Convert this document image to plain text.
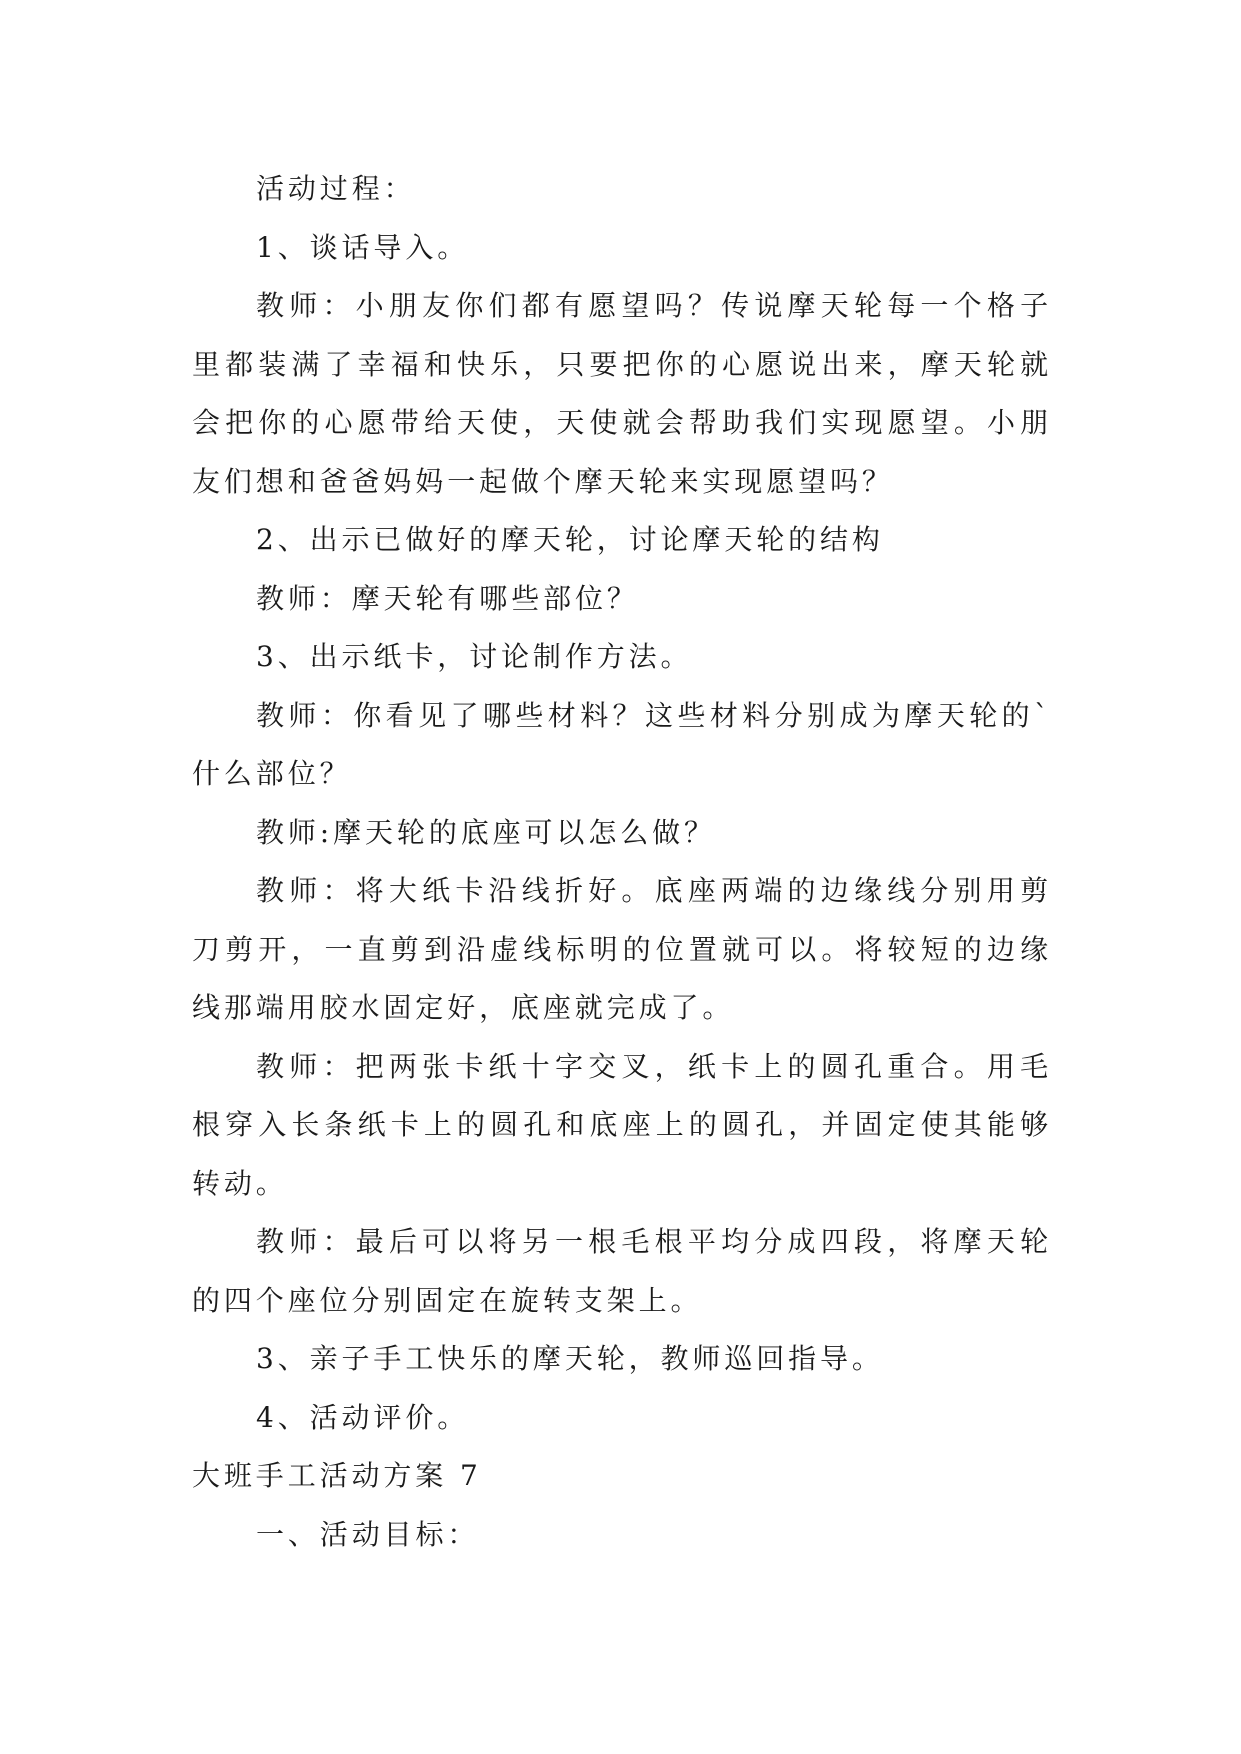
活动过程：

1、谈话导入。

教师：小朋友你们都有愿望吗？传说摩天轮每一个格子里都装满了幸福和快乐，只要把你的心愿说出来，摩天轮就会把你的心愿带给天使，天使就会帮助我们实现愿望。小朋友们想和爸爸妈妈一起做个摩天轮来实现愿望吗？

2、出示已做好的摩天轮，讨论摩天轮的结构

教师：摩天轮有哪些部位？

3、出示纸卡，讨论制作方法。

教师：你看见了哪些材料？这些材料分别成为摩天轮的`什么部位？

教师:摩天轮的底座可以怎么做？

教师：将大纸卡沿线折好。底座两端的边缘线分别用剪刀剪开，一直剪到沿虚线标明的位置就可以。将较短的边缘线那端用胶水固定好，底座就完成了。

教师：把两张卡纸十字交叉，纸卡上的圆孔重合。用毛根穿入长条纸卡上的圆孔和底座上的圆孔，并固定使其能够转动。

教师：最后可以将另一根毛根平均分成四段，将摩天轮的四个座位分别固定在旋转支架上。

3、亲子手工快乐的摩天轮，教师巡回指导。

4、活动评价。

大班手工活动方案 7

一、活动目标：
